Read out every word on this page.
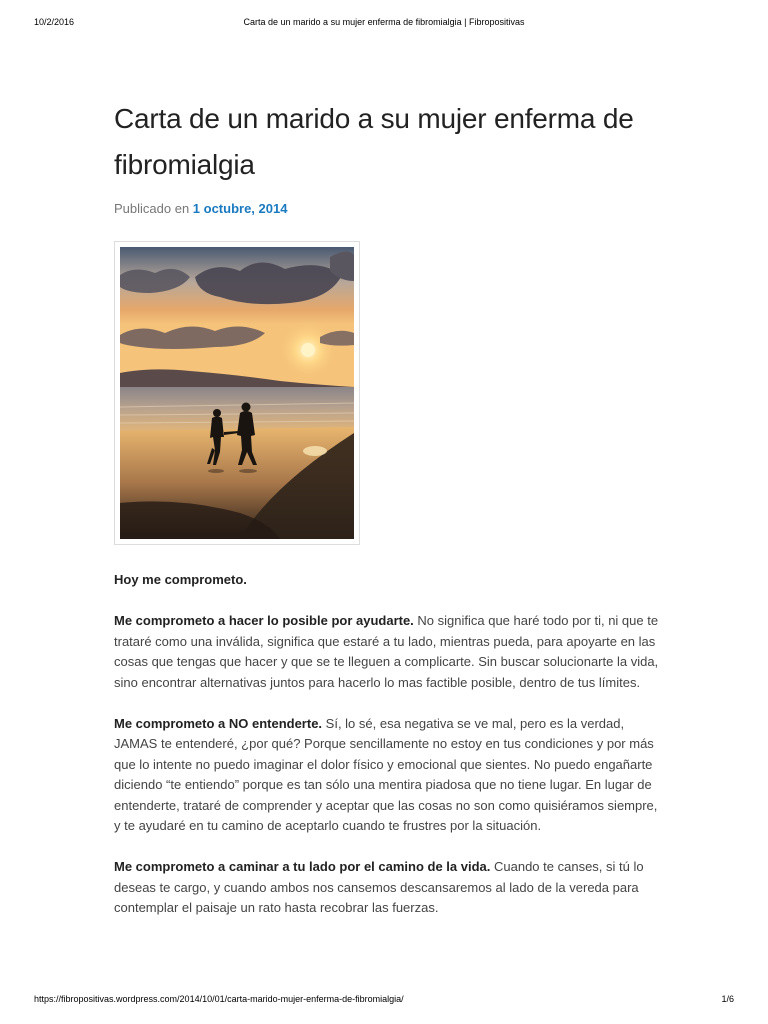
10/2/2016	Carta de un marido a su mujer enferma de fibromialgia | Fibropositivas
Carta de un marido a su mujer enferma de fibromialgia
Publicado en 1 octubre, 2014

Hoy me comprometo.

Me comprometo a hacer lo posible por ayudarte. No significa que haré todo por ti, ni que te trataré como una inválida, significa que estaré a tu lado, mientras pueda, para apoyarte en las cosas que tengas que hacer y que se te lleguen a complicarte. Sin buscar solucionarte la vida, sino encontrar alternativas juntos para hacerlo lo mas factible posible, dentro de tus límites.

Me comprometo a NO entenderte. Sí, lo sé, esa negativa se ve mal, pero es la verdad, JAMAS te entenderé, ¿por qué? Porque sencillamente no estoy en tus condiciones y por más que lo intente no puedo imaginar el dolor físico y emocional que sientes. No puedo engañarte diciendo “te entiendo” porque es tan sólo una mentira piadosa que no tiene lugar. En lugar de entenderte, trataré de comprender y aceptar que las cosas no son como quisiéramos siempre, y te ayudaré en tu camino de aceptarlo cuando te frustres por la situación.

Me comprometo a caminar a tu lado por el camino de la vida. Cuando te canses, si tú lo deseas te cargo, y cuando ambos nos cansemos descansaremos al lado de la vereda para contemplar el paisaje un rato hasta recobrar las fuerzas.

https://fibropositivas.wordpress.com/2014/10/01/carta-marido-mujer-enferma-de-fibromialgia/	1/6
